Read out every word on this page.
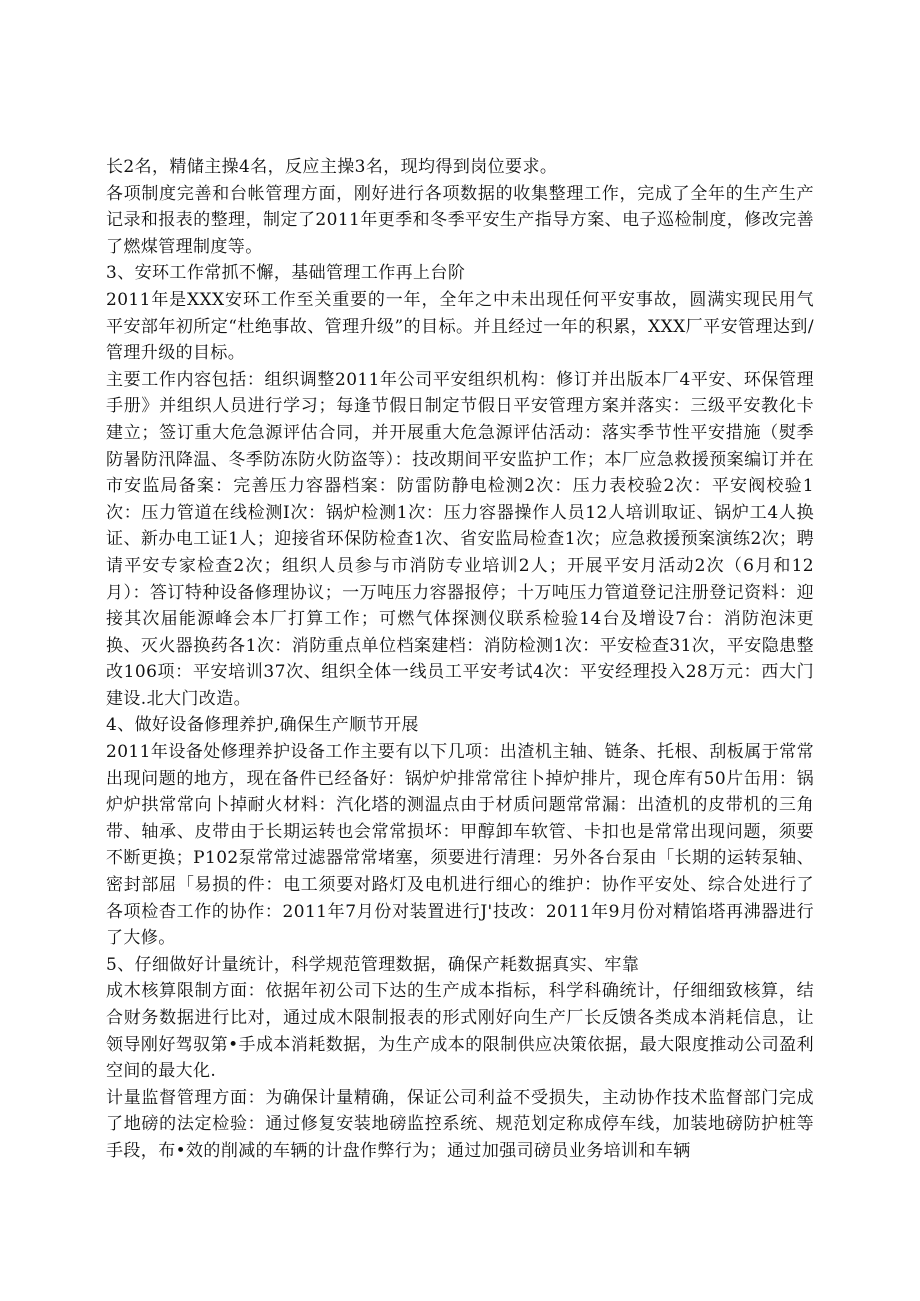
长2名，精储主操4名，反应主操3名，现均得到岗位要求。

各项制度完善和台帐管理方面，刚好进行各项数据的收集整理工作，完成了全年的生产生产记录和报表的整理，制定了2011年更季和冬季平安生产指导方案、电子巡检制度，修改完善了燃煤管理制度等。

3、安环工作常抓不懈，基础管理工作再上台阶

2011年是XXX安环工作至关重要的一年，全年之中未出现任何平安事故，圆满实现民用气平安部年初所定“杜绝事故、管理升级”的目标。并且经过一年的积累，XXX厂平安管理达到/管理升级的目标。

主要工作内容包括：组织调整2011年公司平安组织机构：修订并出版本厂4平安、环保管理手册》并组织人员进行学习；每逢节假日制定节假日平安管理方案并落实：三级平安教化卡建立；签订重大危急源评估合同，并开展重大危急源评估活动：落实季节性平安措施（熨季防暑防汛降温、冬季防冻防火防盗等）：技改期间平安监护工作；本厂应急救援预案编订并在市安监局备案：完善压力容器档案：防雷防静电检测2次：压力表校验2次：平安阀校验1次：压力管道在线检测I次：锅炉检测1次：压力容器操作人员12人培训取证、锅炉工4人换证、新办电工证1人；迎接省环保防检查1次、省安监局检查1次；应急救援预案演练2次；聘请平安专家检查2次；组织人员参与市消防专业培训2人；开展平安月活动2次（6月和12月）：答订特种设备修理协议；一万吨压力容器报停；十万吨压力管道登记注册登记资料：迎接其次届能源峰会本厂打算工作；可燃气体探测仪联系检验14台及增设7台：消防泡沫更换、灭火器换药各1次：消防重点单位档案建档：消防检测1次：平安检查31次，平安隐患整改106项：平安培训37次、组织全体一线员工平安考试4次：平安经理投入28万元：西大门建设.北大门改造。

4、做好设备修理养护,确保生产顺节开展

2011年设备处修理养护设备工作主要有以下几项：出渣机主轴、链条、托根、刮板属于常常出现问题的地方，现在备件已经备好：锅炉炉排常常往卜掉炉排片，现仓库有50片缶用：锅炉炉拱常常向卜掉耐火材料：汽化塔的测温点由于材质问题常常漏：出渣机的皮带机的三角带、轴承、皮带由于长期运转也会常常损坏：甲醇卸车软管、卡扣也是常常出现问题，须要不断更换；P102泵常常过滤器常常堵塞，须要进行清理：另外各台泵由「长期的运转泵轴、密封部屈「易损的件：电工须要对路灯及电机进行细心的维护：协作平安处、综合处进行了各项检杳工作的协作：2011年7月份对装置进行J'技改：2011年9月份对精馅塔再沸器进行了大修。

5、仔细做好计量统计，科学规范管理数据，确保产耗数据真实、牢靠

成木核算限制方面：依据年初公司下达的生产成本指标，科学科确统计，仔细细致核算，结合财务数据进行比对，通过成木限制报表的形式刚好向生产厂长反馈各类成本消耗信息，让领导刚好驾驭第•手成本消耗数据，为生产成本的限制供应决策依据，最大限度推动公司盈利空间的最大化.

计量监督管理方面：为确保计量精确，保证公司利益不受损失，主动协作技术监督部门完成了地磅的法定检验：通过修复安装地磅监控系统、规范划定称成停车线，加装地磅防护桩等手段，布•效的削减的车辆的计盘作弊行为；通过加强司磅员业务培训和车辆
